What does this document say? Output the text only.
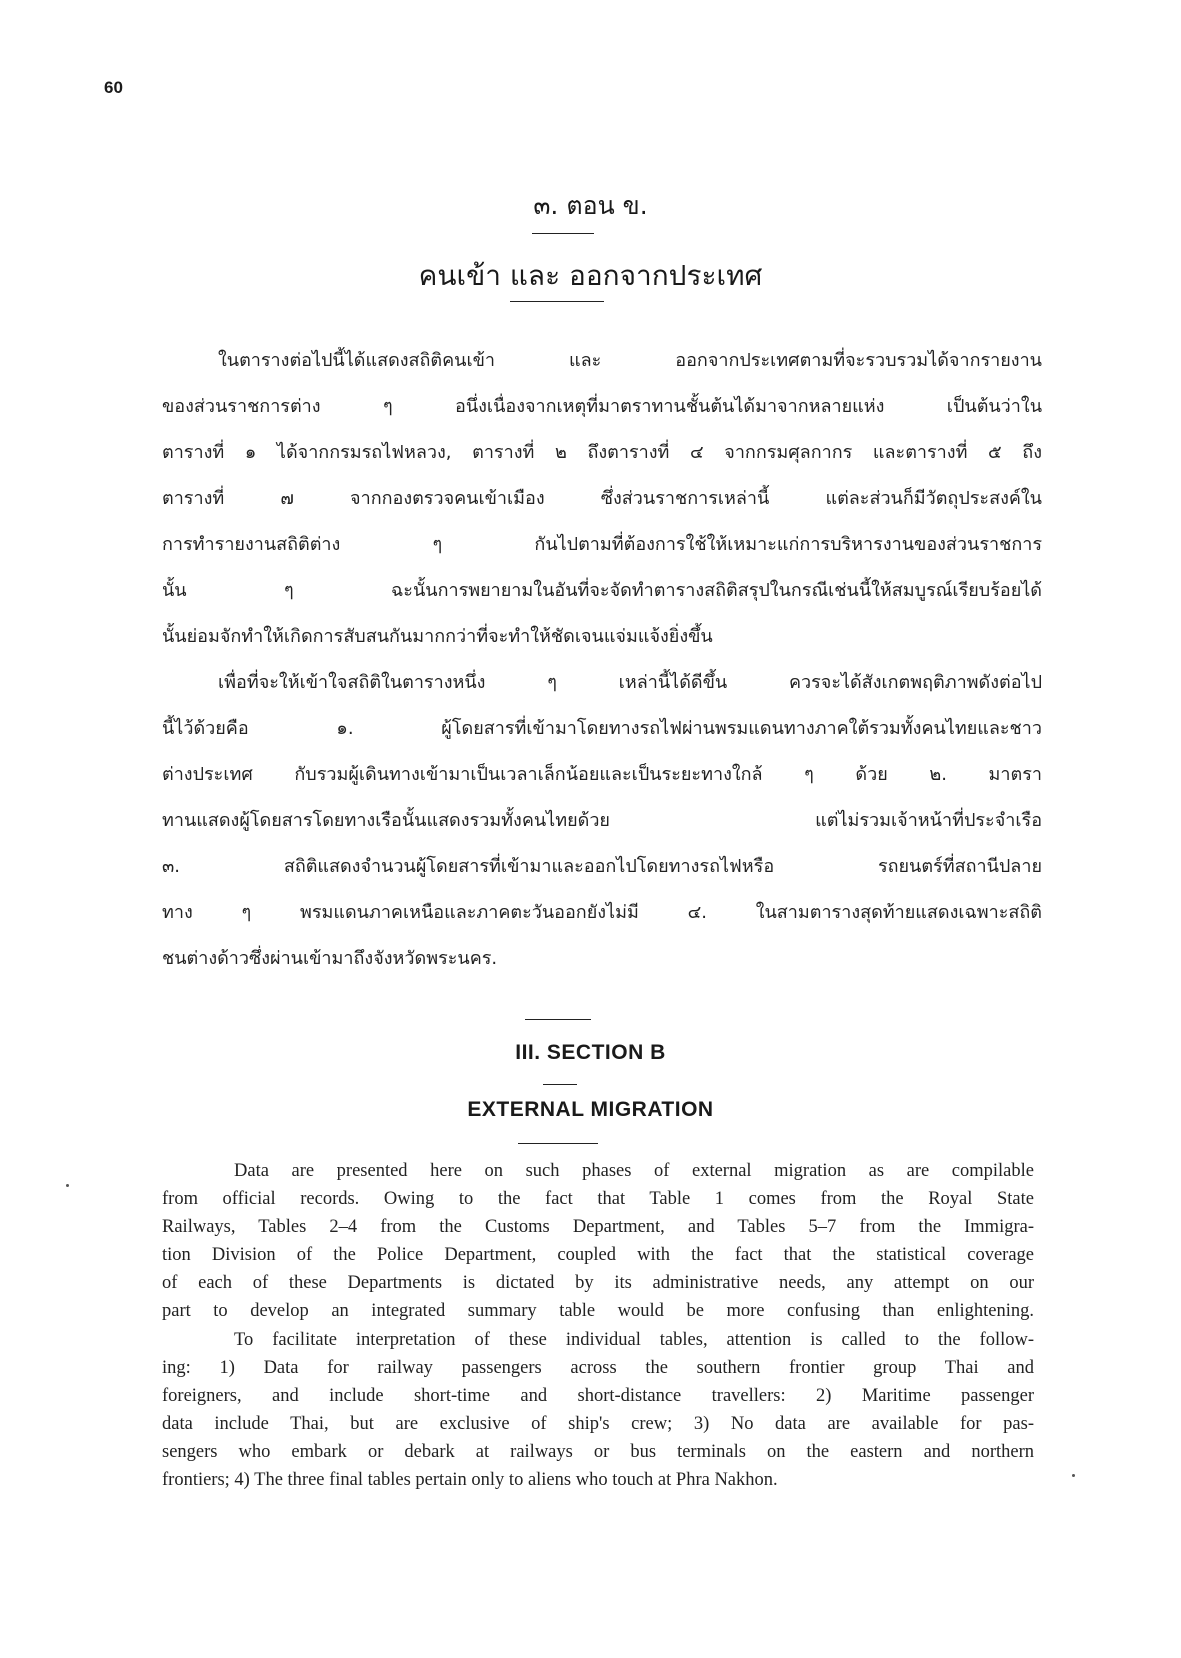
60
๓. ตอน ข.
คนเข้า และ ออกจากประเทศ
ในตารางต่อไปนี้ได้แสดงสถิติคนเข้า และ ออกจากประเทศตามที่จะรวบรวมได้จากรายงาน
ของส่วนราชการต่าง ๆ อนึ่งเนื่องจากเหตุที่มาตราทานชั้นต้นได้มาจากหลายแห่ง เป็นต้นว่าใน
ตารางที่ ๑ ได้จากกรมรถไฟหลวง, ตารางที่ ๒ ถึงตารางที่ ๔ จากกรมศุลกากร และตารางที่ ๕ ถึง
ตารางที่ ๗ จากกองตรวจคนเข้าเมือง ซึ่งส่วนราชการเหล่านี้ แต่ละส่วนก็มีวัตถุประสงค์ใน
การทำรายงานสถิติต่าง ๆ กันไปตามที่ต้องการใช้ให้เหมาะแก่การบริหารงานของส่วนราชการ
นั้น ๆ ฉะนั้นการพยายามในอันที่จะจัดทำตารางสถิติสรุปในกรณีเช่นนี้ให้สมบูรณ์เรียบร้อยได้
นั้นย่อมจักทำให้เกิดการสับสนกันมากกว่าที่จะทำให้ชัดเจนแจ่มแจ้งยิ่งขึ้น
เพื่อที่จะให้เข้าใจสถิติในตารางหนึ่ง ๆ เหล่านี้ได้ดีขึ้น ควรจะได้สังเกตพฤติภาพดังต่อไป
นี้ไว้ด้วยคือ ๑. ผู้โดยสารที่เข้ามาโดยทางรถไฟผ่านพรมแดนทางภาคใต้รวมทั้งคนไทยและชาว
ต่างประเทศ กับรวมผู้เดินทางเข้ามาเป็นเวลาเล็กน้อยและเป็นระยะทางใกล้ ๆ ด้วย ๒. มาตรา
ทานแสดงผู้โดยสารโดยทางเรือนั้นแสดงรวมทั้งคนไทยด้วย แต่ไม่รวมเจ้าหน้าที่ประจำเรือ
๓. สถิติแสดงจำนวนผู้โดยสารที่เข้ามาและออกไปโดยทางรถไฟหรือ รถยนตร์ที่สถานีปลาย
ทาง ๆ พรมแดนภาคเหนือและภาคตะวันออกยังไม่มี ๔. ในสามตารางสุดท้ายแสดงเฉพาะสถิติ
ชนต่างด้าวซึ่งผ่านเข้ามาถึงจังหวัดพระนคร.
III. SECTION B
EXTERNAL MIGRATION
Data are presented here on such phases of external migration as are compilable
from official records. Owing to the fact that Table 1 comes from the Royal State
Railways, Tables 2–4 from the Customs Department, and Tables 5–7 from the Immigra-
tion Division of the Police Department, coupled with the fact that the statistical coverage
of each of these Departments is dictated by its administrative needs, any attempt on our
part to develop an integrated summary table would be more confusing than enlightening.
To facilitate interpretation of these individual tables, attention is called to the follow-
ing: 1) Data for railway passengers across the southern frontier group Thai and
foreigners, and include short-time and short-distance travellers: 2) Maritime passenger
data include Thai, but are exclusive of ship's crew; 3) No data are available for pas-
sengers who embark or debark at railways or bus terminals on the eastern and northern
frontiers; 4) The three final tables pertain only to aliens who touch at Phra Nakhon.
